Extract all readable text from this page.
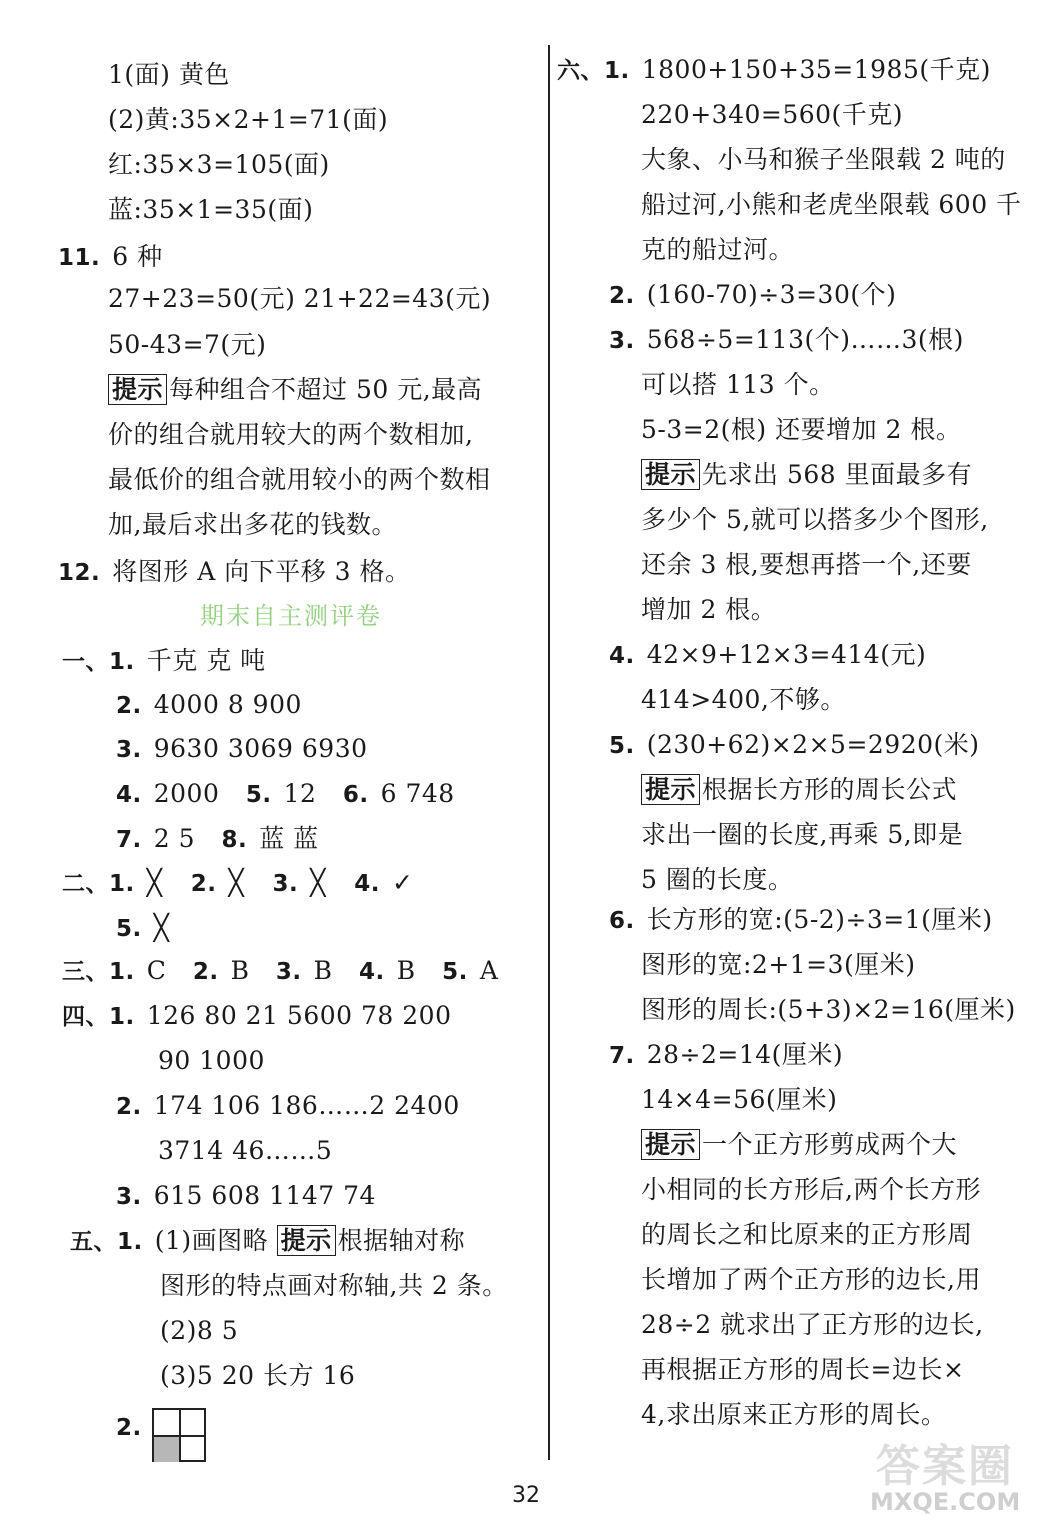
1(面) 黄色
(2)黄:35×2+1=71(面)
红:35×3=105(面)
蓝:35×1=35(面)
11. 6 种
27+23=50(元) 21+22=43(元)
50-43=7(元)
提示 每种组合不超过 50 元,最高
价的组合就用较大的两个数相加,
最低价的组合就用较小的两个数相
加,最后求出多花的钱数。
12. 将图形 A 向下平移 3 格。
期末自主测评卷
一、1. 千克 克 吨
2. 4000 8 900
3. 9630 3069 6930
4. 2000 5. 12 6. 6 748
7. 2 5 8. 蓝 蓝
二、1. ╳ 2. ╳ 3. ╳ 4. ✓
5. ╳
三、1. C 2. B 3. B 4. B 5. A
四、1. 126 80 21 5600 78 200
90 1000
2. 174 106 186……2 2400
3714 46……5
3. 615 608 1147 74
五、1. (1)画图略 提示 根据轴对称
图形的特点画对称轴,共 2 条。
(2)8 5
(3)5 20 长方 16
2.
六、1. 1800+150+35=1985(千克)
220+340=560(千克)
大象、小马和猴子坐限载 2 吨的
船过河,小熊和老虎坐限载 600 千
克的船过河。
2. (160-70)÷3=30(个)
3. 568÷5=113(个)……3(根)
可以搭 113 个。
5-3=2(根) 还要增加 2 根。
提示 先求出 568 里面最多有
多少个 5,就可以搭多少个图形,
还余 3 根,要想再搭一个,还要
增加 2 根。
4. 42×9+12×3=414(元)
414>400,不够。
5. (230+62)×2×5=2920(米)
提示 根据长方形的周长公式
求出一圈的长度,再乘 5,即是
5 圈的长度。
6. 长方形的宽:(5-2)÷3=1(厘米)
图形的宽:2+1=3(厘米)
图形的周长:(5+3)×2=16(厘米)
7. 28÷2=14(厘米)
14×4=56(厘米)
提示 一个正方形剪成两个大
小相同的长方形后,两个长方形
的周长之和比原来的正方形周
长增加了两个正方形的边长,用
28÷2 就求出了正方形的边长,
再根据正方形的周长=边长×
4,求出原来正方形的周长。
32
答案圈
MXQE.COM
